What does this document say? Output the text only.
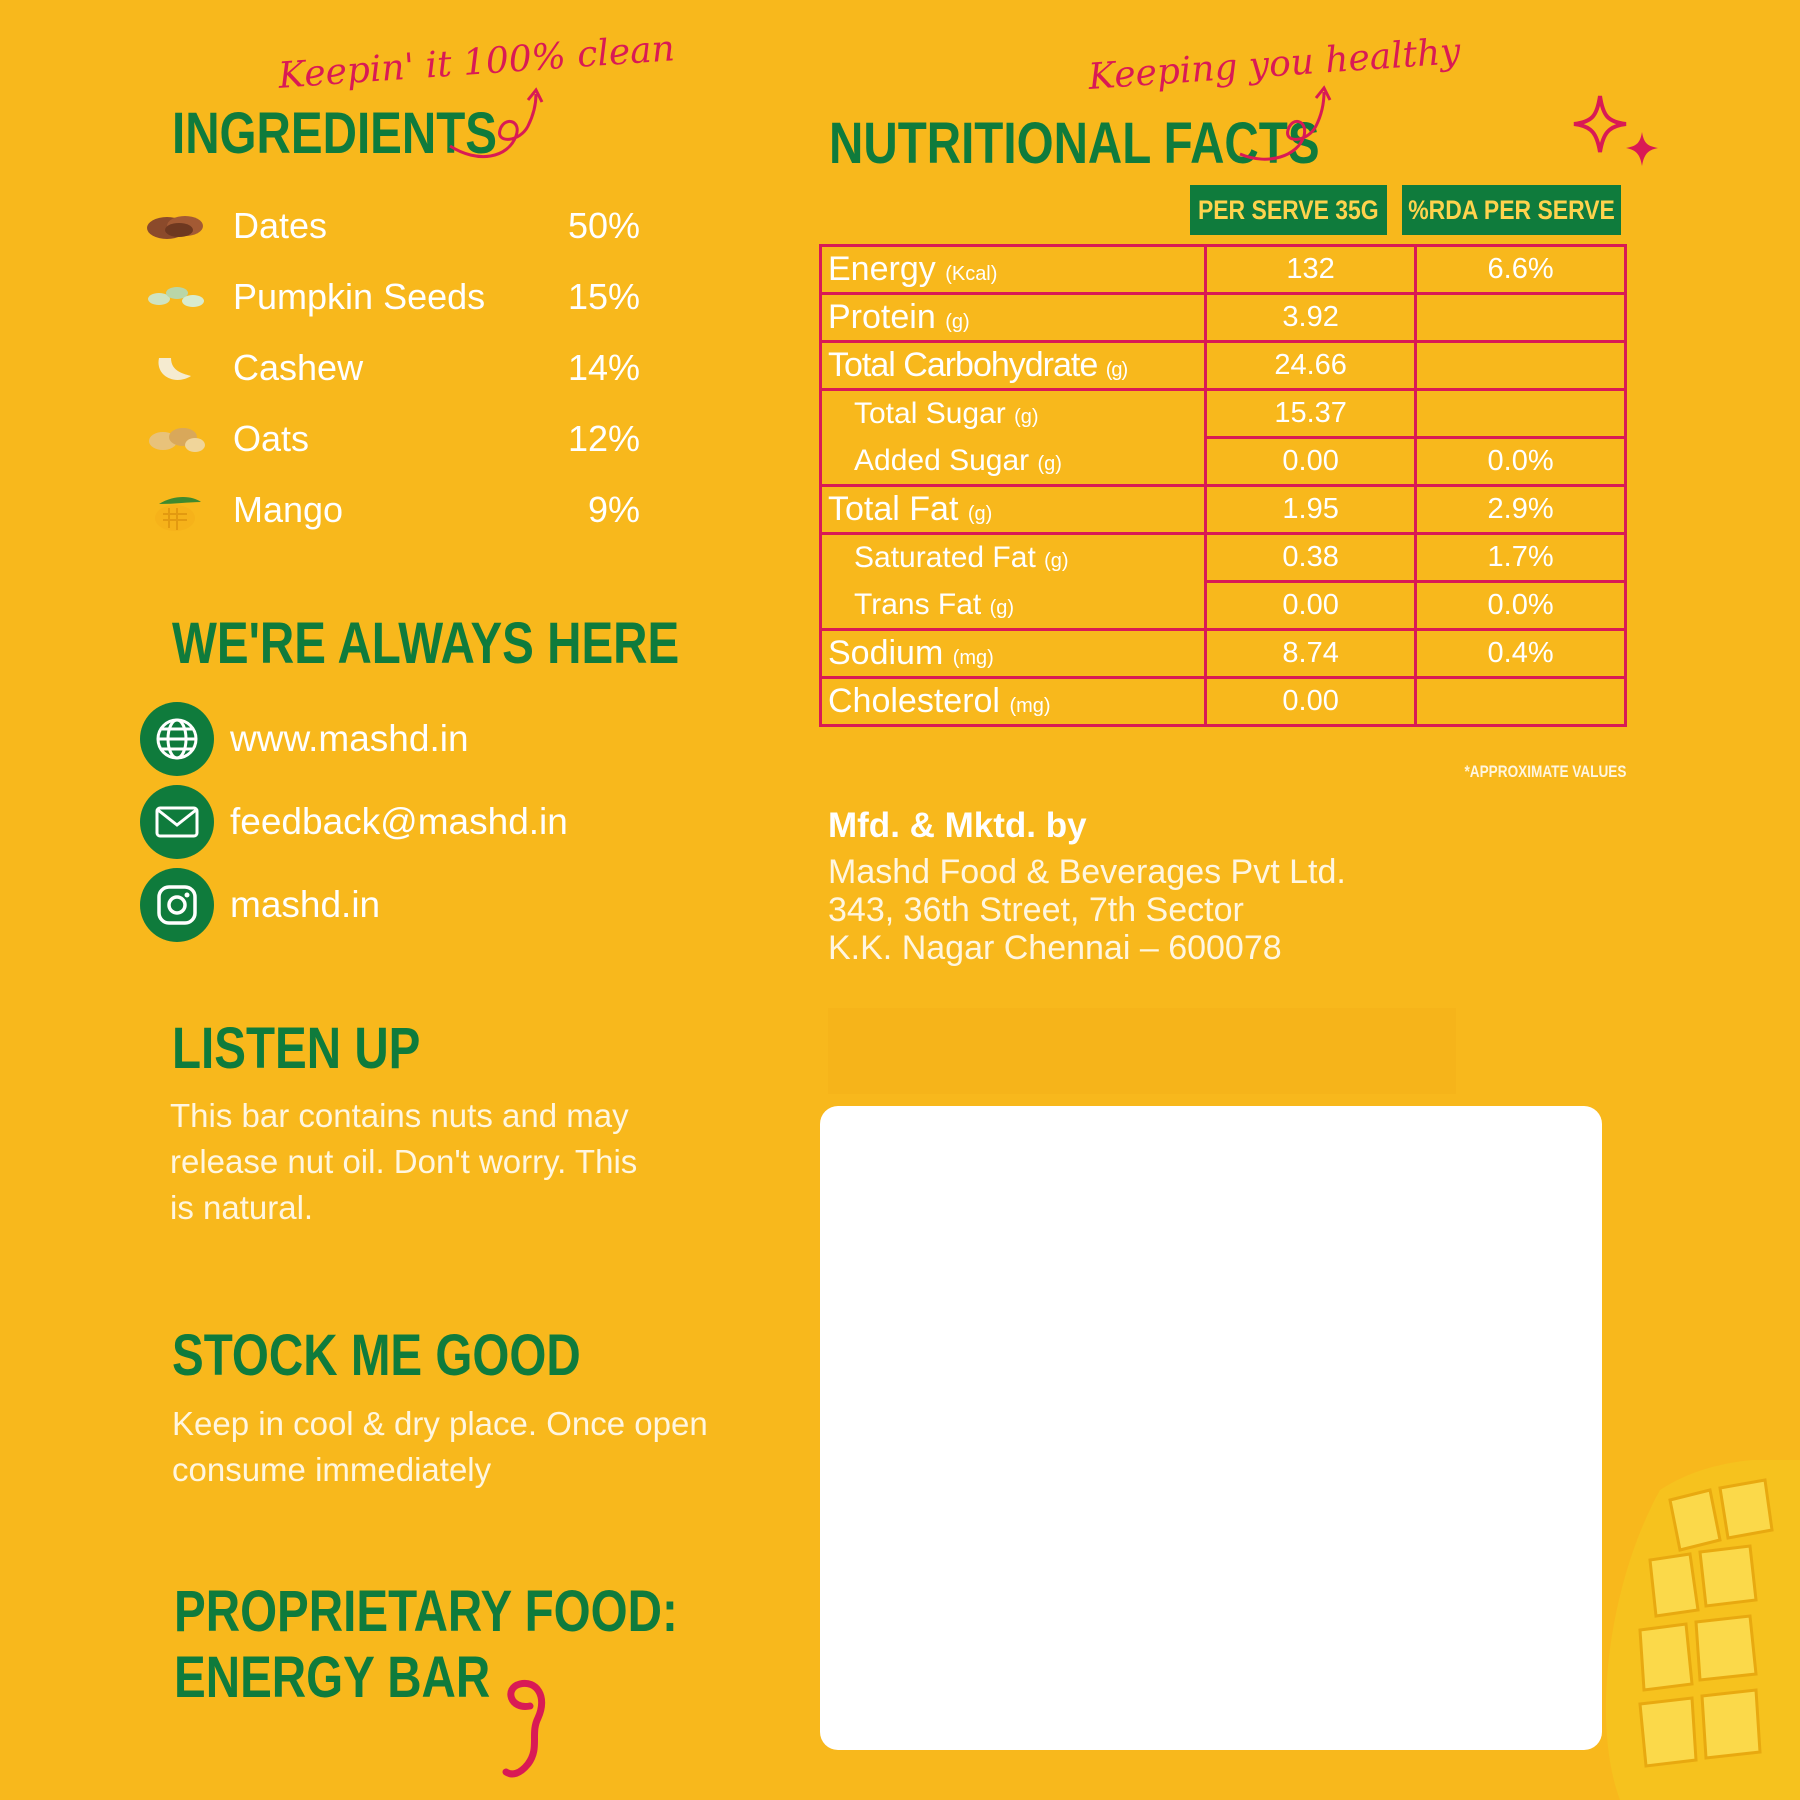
Keepin' it 100% clean
INGREDIENTS
Dates	50%
Pumpkin Seeds	15%
Cashew	14%
Oats	12%
Mango	9%
WE'RE ALWAYS HERE
www.mashd.in
feedback@mashd.in
mashd.in
LISTEN UP
This bar contains nuts and may release nut oil. Don't worry. This is natural.
STOCK ME GOOD
Keep in cool & dry place. Once open consume immediately
PROPRIETARY FOOD:
ENERGY BAR
Keeping you healthy
NUTRITIONAL FACTS
PER SERVE 35G %RDA PER SERVE
Energy (Kcal)	132	6.6%
Protein (g)	3.92	
Total Carbohydrate (g)	24.66	
Total Sugar (g)	15.37	
Added Sugar (g)	0.00	0.0%
Total Fat (g)	1.95	2.9%
Saturated Fat (g)	0.38	1.7%
Trans Fat (g)	0.00	0.0%
Sodium (mg)	8.74	0.4%
Cholesterol (mg)	0.00	
*APPROXIMATE VALUES
Mfd. & Mktd. by
Mashd Food & Beverages Pvt Ltd.
343, 36th Street, 7th Sector
K.K. Nagar Chennai – 600078
